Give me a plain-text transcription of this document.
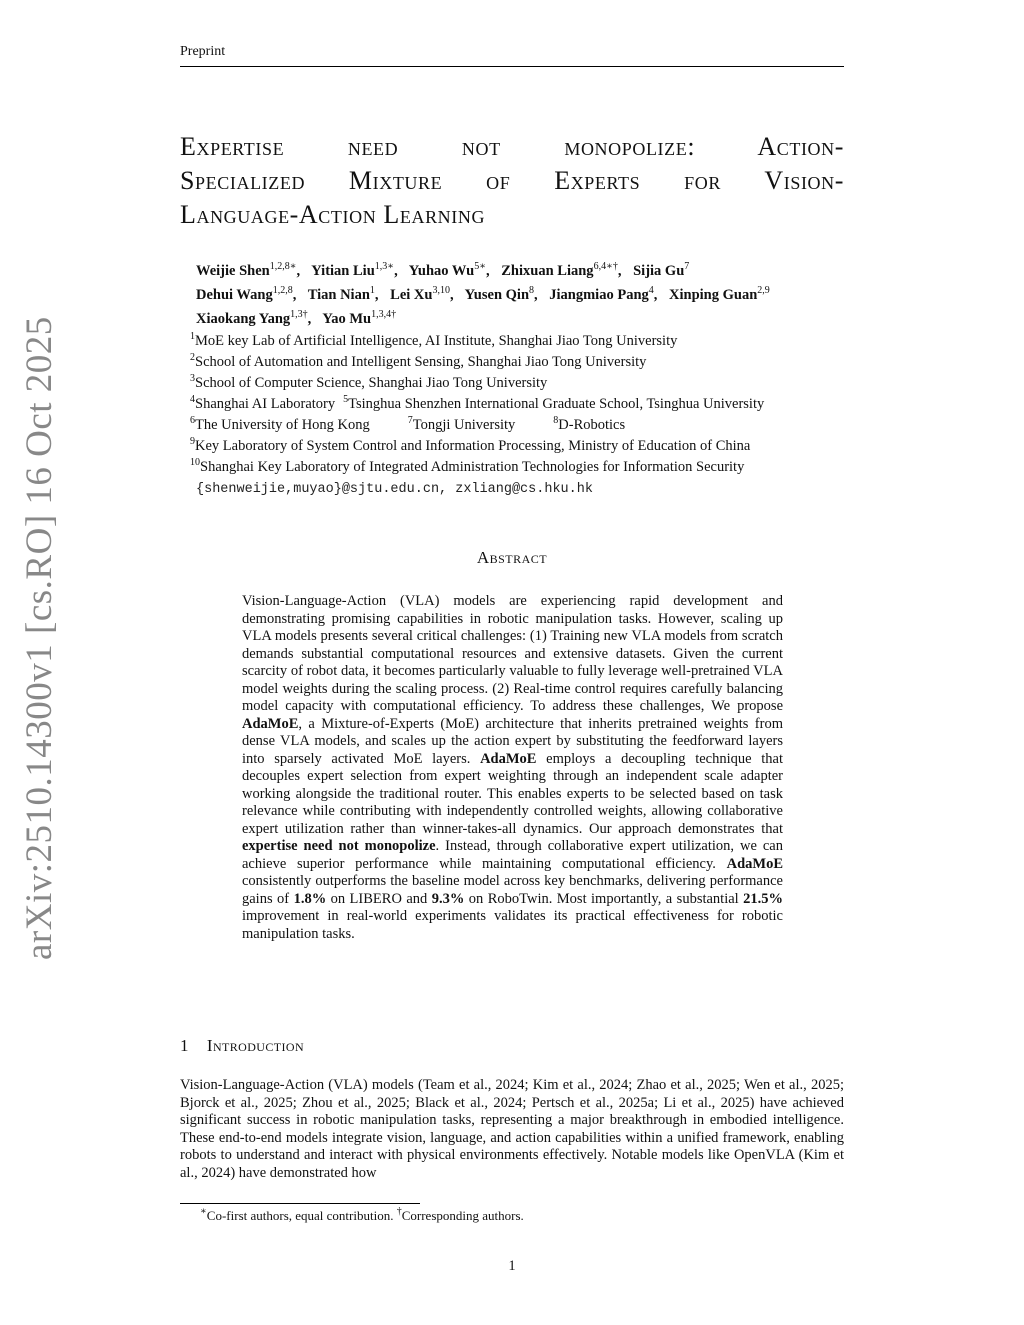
Preprint
arXiv:2510.14300v1 [cs.RO] 16 Oct 2025
Expertise need not monopolize: Action-
Specialized Mixture of Experts for Vision-
Language-Action Learning
Weijie Shen$^{1,2,8∗}$, Yitian Liu$^{1,3∗}$, Yuhao $Wu^{5∗}$, Zhixuan Liang$^{6,4∗\dagger}$, Sijia Gu$^7$
Dehui Wang$^{1,2,8}$, Tian Nian$^1$, Lei Xu$^{3,10}$, Yusen Qin$^8$, Jiangmiao Pang$^4$, Xinping Guan$^{2,9}$
Xiaokang Yang$^{1,3\dagger}$, Yao $Mu^{1,3,4\dagger}$
$^1$MoE key Lab of Artificial Intelligence, AI Institute, Shanghai Jiao Tong University
$^2$School of Automation and Intelligent Sensing, Shanghai Jiao Tong University
$^3$School of Computer Science, Shanghai Jiao Tong University
$^4$Shanghai AI Laboratory $^5$Tsinghua Shenzhen International Graduate School, Tsinghua University
$^6$The University of Hong Kong	$^7$Tongji University	$^8$D-Robotics
$^9$Key Laboratory of System Control and Information Processing, Ministry of Education of China
$^{10}$Shanghai Key Laboratory of Integrated Administration Technologies for Information Security
{shenweijie,muyao}@sjtu.edu.cn, zxliang@cs.hku.hk
Abstract
Vision-Language-Action (VLA) models are experiencing rapid development and demonstrating promising capabilities in robotic manipulation tasks. However, scaling up VLA models presents several critical challenges: (1) Training new VLA models from scratch demands substantial computational resources and extensive datasets. Given the current scarcity of robot data, it becomes particularly valuable to fully leverage well-pretrained VLA model weights during the scaling process. (2) Real-time control requires carefully balancing model capacity with computational efficiency. To address these challenges, We propose AdaMoE, a Mixture-of-Experts (MoE) architecture that inherits pretrained weights from dense VLA models, and scales up the action expert by substituting the feedforward layers into sparsely activated MoE layers. AdaMoE employs a decoupling technique that decouples expert selection from expert weighting through an independent scale adapter working alongside the traditional router. This enables experts to be selected based on task relevance while contributing with independently controlled weights, allowing collaborative expert utilization rather than winner-takes-all dynamics. Our approach demonstrates that expertise need not monopolize. Instead, through collaborative expert utilization, we can achieve superior performance while maintaining computational efficiency. AdaMoE consistently outperforms the baseline model across key benchmarks, delivering performance gains of 1.8% on LIBERO and 9.3% on RoboTwin. Most importantly, a substantial 21.5% improvement in real-world experiments validates its practical effectiveness for robotic manipulation tasks.
1 Introduction
Vision-Language-Action (VLA) models (Team et al., 2024; Kim et al., 2024; Zhao et al., 2025; Wen et al., 2025; Bjorck et al., 2025; Zhou et al., 2025; Black et al., 2024; Pertsch et al., 2025a; Li et al., 2025) have achieved significant success in robotic manipulation tasks, representing a major breakthrough in embodied intelligence. These end-to-end models integrate vision, language, and action capabilities within a unified framework, enabling robots to understand and interact with physical environments effectively. Notable models like OpenVLA (Kim et al., 2024) have demonstrated how
∗Co-first authors, equal contribution. †Corresponding authors.
1
